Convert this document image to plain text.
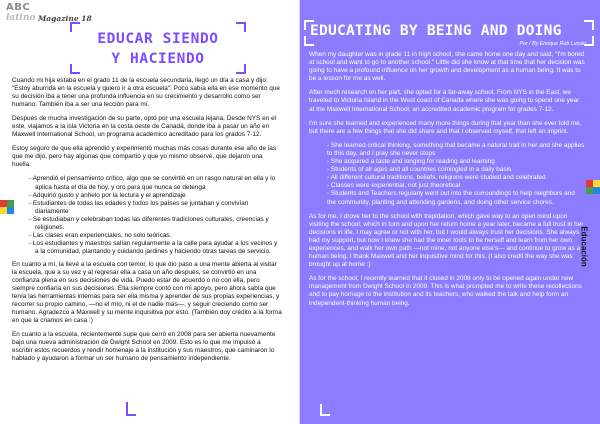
ABC
latino Magazine 18
EDUCAR SIENDO
Y HACIENDO

Cuando mi hija estaba en el grado 11 de la escuela secundaria, llegó un día a casa y dijo: "Estoy aburrida en la escuela y quiero ir a otra escuela". Poco sabía ella en ese momento que su decisión iba a tener una profunda influencia en su crecimiento y desarrollo como ser humano. También iba a ser una lección para mí.

Después de mucha investigación de su parte, optó por una escuela lejana. Desde NYS en el este, viajamos a la isla Victoria en la costa oeste de Canadá, donde iba a pasar un año en Maxwell International School, un programa académico acreditado para los grados 7-12.

Estoy seguro de que ella aprendió y experimentó muchas más cosas durante ese año de las que me dijo, pero hay algunas que compartió y que yo mismo observé, que dejaron una huella.

- Aprendió el pensamiento crítico, algo que se convirtió en un rasgo natural en ella y lo aplica hasta el día de hoy, y oro para que nunca se detenga
- Adquirió gusto y anhelo por la lectura y el aprendizaje
- Estudiantes de todas las edades y todos los países se juntaban y convivían diariamente
- Se estudiaban y celebraban todas las diferentes tradiciones culturales, creencias y religiones.
- Las clases eran experienciales, no solo teóricas.
- Los estudiantes y maestros salían regularmente a la calle para ayudar a los vecinos y a la comunidad, plantando y cuidando jardines y haciendo otras tareas de servicio.

En cuanto a mí, la llevé a la escuela con temor, lo que dio paso a una mente abierta al visitar la escuela, que a su vez y al regresar ella a casa un año después, se convirtió en una confianza plena en sus decisiones de vida. Puedo estar de acuerdo o no con ella, pero siempre confiaría en sus decisiones. Ella siempre contó con mi apoyo, pero ahora sabía que tenía las herramientas internas para ser ella misma y aprender de sus propias experiencias, y recorrer su propio camino, —no el mío, ni el de nadie más—, y seguir creciendo como ser humano. Agradezco a Maxwell y su mente inquisitiva por esto. (También doy crédito a la forma en que la criamos en casa :)

En cuanto a la escuela, recientemente supe que cerró en 2008 para ser abierta nuevamente bajo una nueva administración de Dwight School en 2009. Esto es lo que me impulsó a escribir estos recuerdos y rendir homenaje a la institución y sus maestros, que caminaron lo hablado y ayudaron a formar un ser humano de pensamiento independiente.

EDUCATING BY BEING AND DOING
Por / By Enrique Rob Lunski

When my daughter was in grade 11 in high school, she came home one day and said, "I'm bored at school and want to go to another school." Little did she know at that time that her decision was going to have a profound influence on her growth and development as a human being. It was to be a lesson for me as well.

After much research on her part, she opted for a far-away school. From NYS in the East, we traveled to Victoria Island in the West coast of Canada where she was going to spend one year at the Maxwell International School, an accredited academic program for grades 7-12.

I'm sure she learned and experienced many more things during that year than she ever told me, but there are a few things that she did share and that I observed myself, that left an imprint.

- She learned critical thinking, something that became a natural trait in her and she applies to this day, and I pray she never stops
- She acquired a taste and longing for reading and learning
- Students of all ages and all countries comingled in a daily basis
- All different cultural traditions, beliefs, religions were studied and celebrated
- Classes were experiential, not just theoretical
- Students and Teachers regularly went out into the surroundings to help neighbors and the community, planting and attending gardens, and doing other service chores.

As for me, I drove her to the school with trepidation, which gave way to an open mind upon visiting the school, which in turn and upon her return home a year later, became a full trust in her decisions in life. I may agree or not with her, but I would always trust her decisions. She always had my support, but now I knew she had the inner tools to be herself and learn from her own experiences, and walk her own path —not mine, not anyone else's— and continue to grow as a human being. I thank Maxwell and her inquisitive mind for this. (I also credit the way she was brought up at home :)

As for the school, I recently learned that it closed in 2008 only to be opened again under new management from Dwight School in 2009. This is what prompted me to write these recollections and to pay homage to the institution and its teachers, who walked the talk and help form an independent-thinking human being.

Educación
